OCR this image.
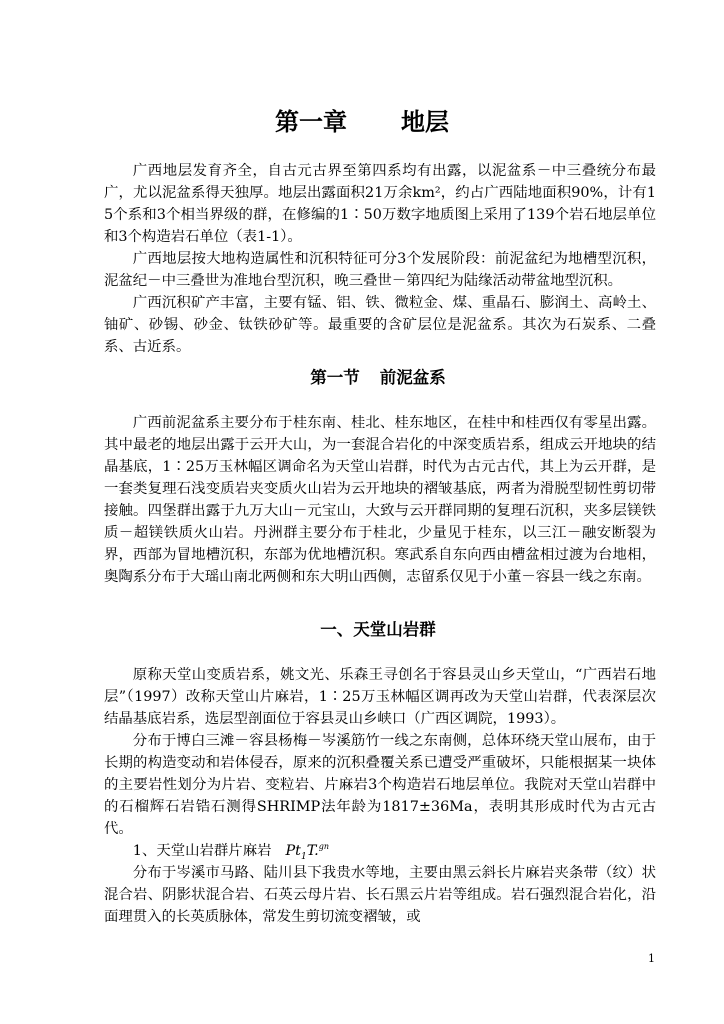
第一章 地层

广西地层发育齐全，自古元古界至第四系均有出露，以泥盆系－中三叠统分布最广，尤以泥盆系得天独厚。地层出露面积21万余km²，约占广西陆地面积90%，计有15个系和3个相当界级的群，在修编的1∶50万数字地质图上采用了139个岩石地层单位和3个构造岩石单位（表1-1）。

广西地层按大地构造属性和沉积特征可分3个发展阶段：前泥盆纪为地槽型沉积，泥盆纪－中三叠世为准地台型沉积，晚三叠世－第四纪为陆缘活动带盆地型沉积。

广西沉积矿产丰富，主要有锰、铝、铁、微粒金、煤、重晶石、膨润土、高岭土、铀矿、砂锡、砂金、钛铁砂矿等。最重要的含矿层位是泥盆系。其次为石炭系、二叠系、古近系。

第一节 前泥盆系

广西前泥盆系主要分布于桂东南、桂北、桂东地区，在桂中和桂西仅有零星出露。其中最老的地层出露于云开大山，为一套混合岩化的中深变质岩系，组成云开地块的结晶基底，1∶25万玉林幅区调命名为天堂山岩群，时代为古元古代，其上为云开群，是一套类复理石浅变质岩夹变质火山岩为云开地块的褶皱基底，两者为滑脱型韧性剪切带接触。四堡群出露于九万大山－元宝山，大致与云开群同期的复理石沉积，夹多层镁铁质－超镁铁质火山岩。丹洲群主要分布于桂北，少量见于桂东，以三江－融安断裂为界，西部为冒地槽沉积，东部为优地槽沉积。寒武系自东向西由槽盆相过渡为台地相，奥陶系分布于大瑶山南北两侧和东大明山西侧，志留系仅见于小董－容县一线之东南。

一、天堂山岩群

原称天堂山变质岩系，姚文光、乐森王寻创名于容县灵山乡天堂山，“广西岩石地层”（1997）改称天堂山片麻岩，1∶25万玉林幅区调再改为天堂山岩群，代表深层次结晶基底岩系，选层型剖面位于容县灵山乡峡口（广西区调院，1993）。

分布于博白三滩－容县杨梅－岑溪筋竹一线之东南侧，总体环绕天堂山展布，由于长期的构造变动和岩体侵吞，原来的沉积叠覆关系已遭受严重破坏，只能根据某一块体的主要岩性划分为片岩、变粒岩、片麻岩3个构造岩石地层单位。我院对天堂山岩群中的石榴辉石岩锆石测得SHRIMP法年龄为1817±36Ma，表明其形成时代为古元古代。

1、天堂山岩群片麻岩 $Pt_1T.^{gn}$

分布于岑溪市马路、陆川县下我贵水等地，主要由黑云斜长片麻岩夹条带（纹）状混合岩、阴影状混合岩、石英云母片岩、长石黑云片岩等组成。岩石强烈混合岩化，沿面理贯入的长英质脉体，常发生剪切流变褶皱，或

1
